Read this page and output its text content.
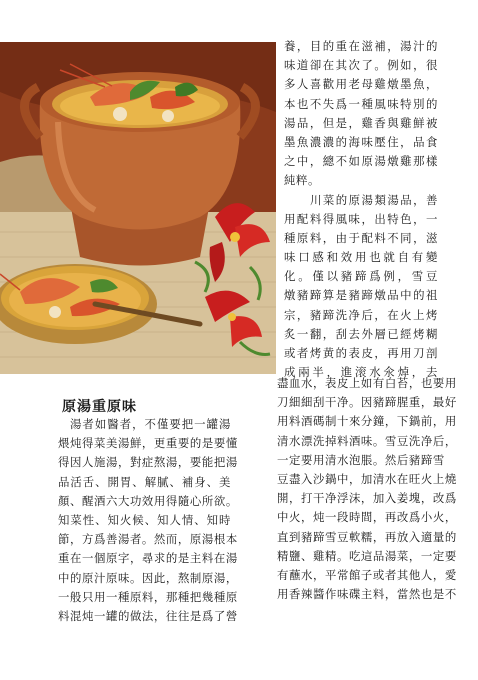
養，目的重在滋補，湯汁的
味道卻在其次了。例如，很
多人喜歡用老母雞燉墨魚，
本也不失爲一種風味特別的
湯品，但是，雞香與雞鮮被
墨魚濃濃的海味壓住，品食
之中，總不如原湯燉雞那樣
純粹。
川菜的原湯類湯品，善
用配料得風味，出特色，一
種原料，由于配料不同，滋
味口感和效用也就自有變
化。僅以豬蹄爲例，雪豆
燉豬蹄算是豬蹄燉品中的祖
宗，豬蹄洗净后，在火上烤
炙一翻，刮去外層已經烤糊
或者烤黄的表皮，再用刀剖
成兩半，進滚水氽焯，去
原湯重原味
盡血水，表皮上如有白苔，也要用
刀細細刮干净。因豬蹄腥重，最好
用料酒碼制十來分鐘，下鍋前，用
清水漂洗掉料酒味。雪豆洗净后，
一定要用清水泡脹。然后豬蹄雪
豆盡入沙鍋中，加清水在旺火上燒
開，打干净浮沫，加入姜塊，改爲
中火，炖一段時間，再改爲小火，
直到豬蹄雪豆軟糯，再放入適量的
精鹽、雞精。吃這品湯菜，一定要
有蘸水，平常館子或者其他人，愛
用香辣醬作味碟主料，當然也是不
湯者如醫者，不僅要把一罐湯
煨炖得菜美湯鮮，更重要的是要懂
得因人施湯，對症熬湯，要能把湯
品活舌、開胃、解膩、補身、美
顏、醒酒六大功效用得隨心所欲。
知菜性、知火候、知人情、知時
節，方爲善湯者。然而，原湯根本
重在一個原字，尋求的是主料在湯
中的原汁原味。因此，熬制原湯，
一般只用一種原料，那種把幾種原
料混炖一罐的做法，往往是爲了營
